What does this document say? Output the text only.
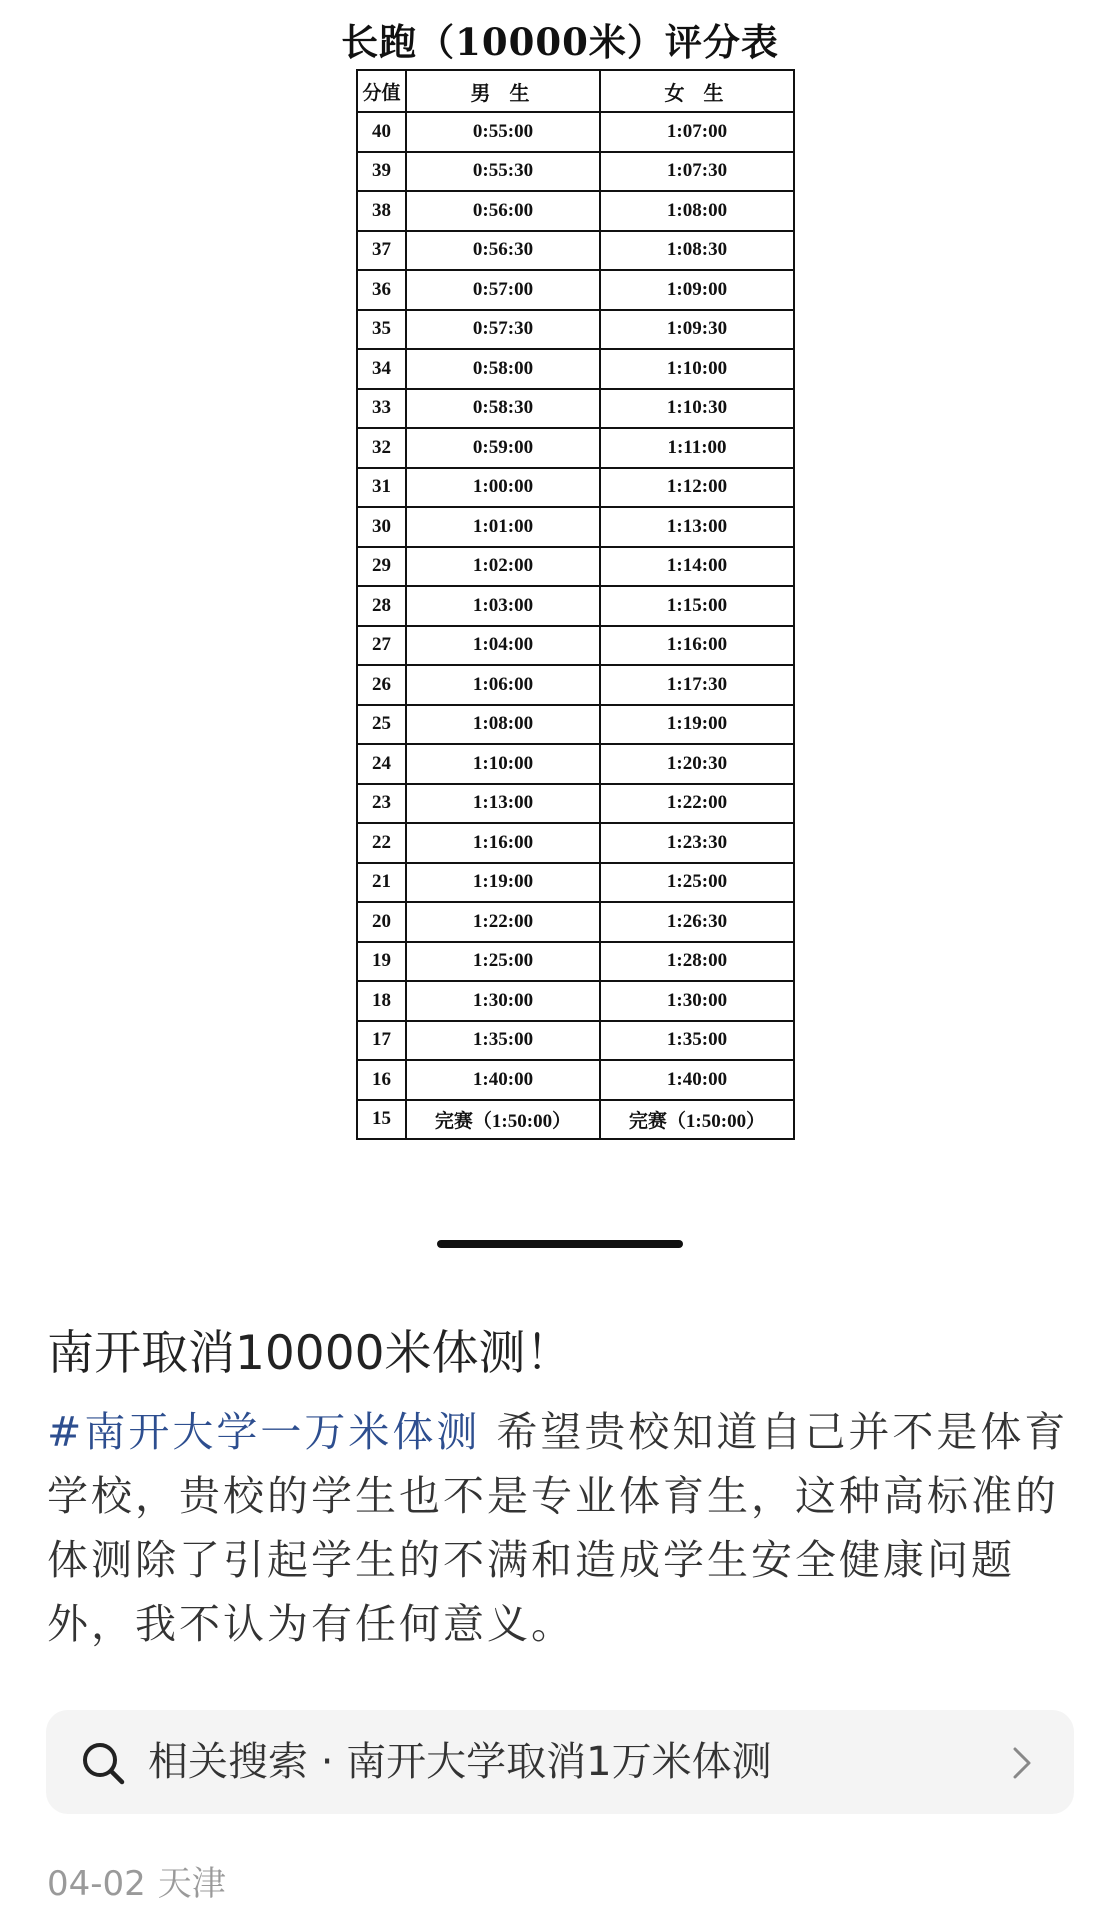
长跑（10000米）评分表
分值	男 生	女 生
40	0:55:00	1:07:00
39	0:55:30	1:07:30
38	0:56:00	1:08:00
37	0:56:30	1:08:30
36	0:57:00	1:09:00
35	0:57:30	1:09:30
34	0:58:00	1:10:00
33	0:58:30	1:10:30
32	0:59:00	1:11:00
31	1:00:00	1:12:00
30	1:01:00	1:13:00
29	1:02:00	1:14:00
28	1:03:00	1:15:00
27	1:04:00	1:16:00
26	1:06:00	1:17:30
25	1:08:00	1:19:00
24	1:10:00	1:20:30
23	1:13:00	1:22:00
22	1:16:00	1:23:30
21	1:19:00	1:25:00
20	1:22:00	1:26:30
19	1:25:00	1:28:00
18	1:30:00	1:30:00
17	1:35:00	1:35:00
16	1:40:00	1:40:00
15	完赛（1:50:00）	完赛（1:50:00）
南开取消10000米体测！

#南开大学一万米体测 希望贵校知道自己并不是体育学校，贵校的学生也不是专业体育生，这种高标准的体测除了引起学生的不满和造成学生安全健康问题外，我不认为有任何意义。

相关搜索 · 南开大学取消1万米体测
04-02 天津
